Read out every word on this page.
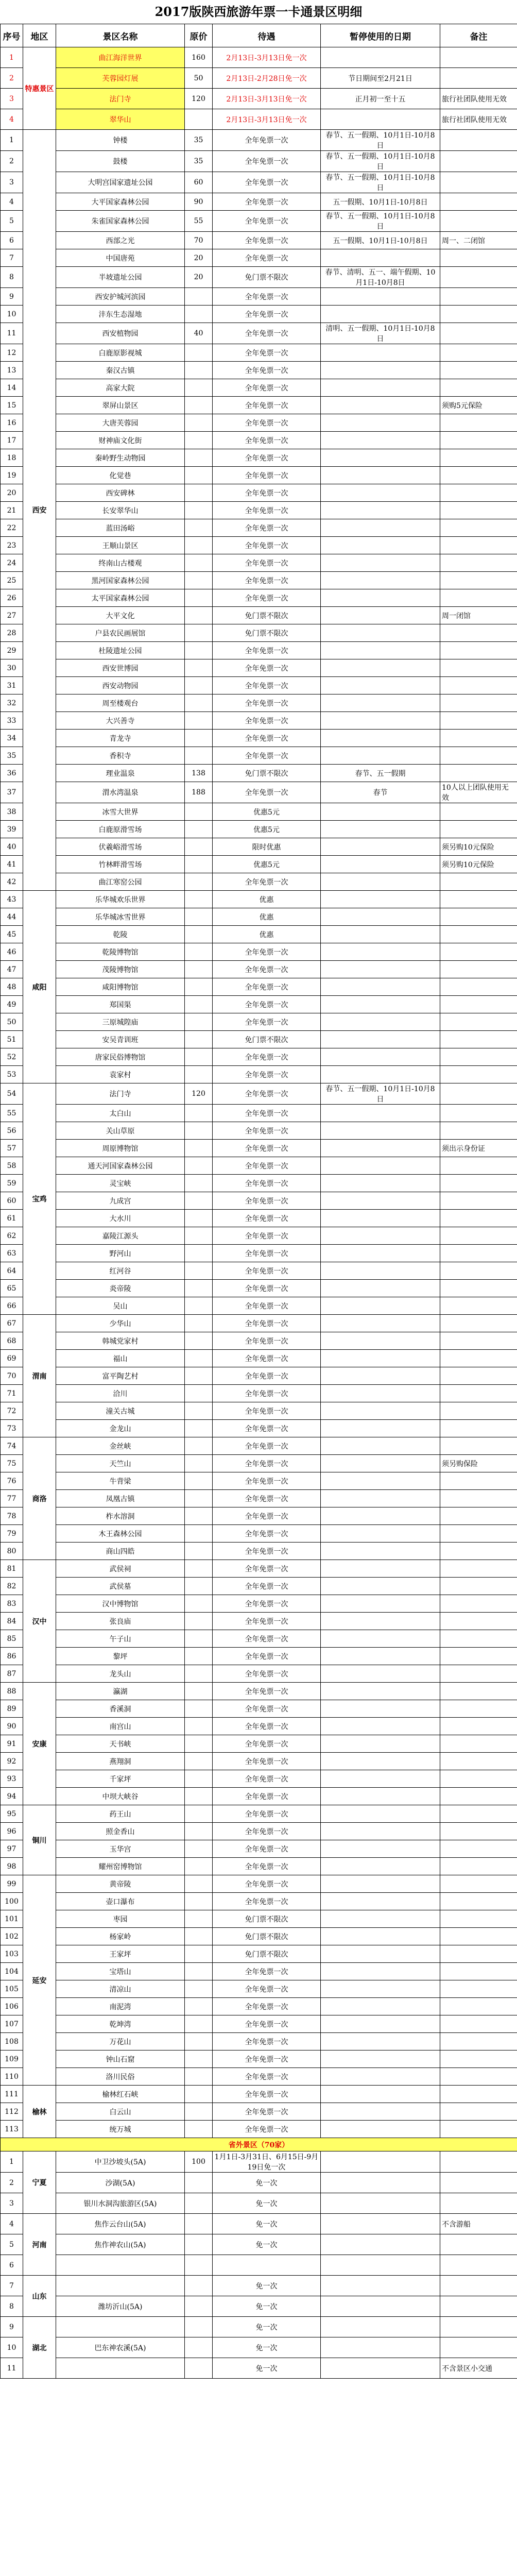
2017版陕西旅游年票一卡通景区明细
序号	地区	景区名称	原价	待遇	暂停使用的日期	备注
1	特惠景区	曲江海洋世界	160	2月13日-3月13日免一次		
2		芙蓉园灯展	50	2月13日-2月28日免一次	节日期间至2月21日	
3		法门寺	120	2月13日-3月13日免一次	正月初一至十五	旅行社团队使用无效
4		翠华山		2月13日-3月13日免一次		旅行社团队使用无效
1	西安	钟楼	35	全年免票一次	春节、五一假期、10月1日-10月8日	
2		鼓楼	35	全年免票一次	春节、五一假期、10月1日-10月8日	
3		大明宫国家遗址公园	60	全年免票一次	春节、五一假期、10月1日-10月8日	
4		大平国家森林公园	90	全年免票一次	五一假期、10月1日-10月8日	
5		朱雀国家森林公园	55	全年免票一次	春节、五一假期、10月1日-10月8日	
6		西部之光	70	全年免票一次	五一假期、10月1日-10月8日	周一、二闭馆
7		中国唐苑	20	全年免票一次		
8		半坡遗址公园	20	免门票不限次	春节、清明、五一、端午假期、10月1日-10月8日	
9		西安护城河滨园		全年免票一次		
10		沣东生态湿地		全年免票一次		
11		西安植物园	40	全年免票一次	清明、五一假期、10月1日-10月8日	
12		白鹿原影视城		全年免票一次		
13		秦汉古镇		全年免票一次		
14		高家大院		全年免票一次		
15		翠屏山景区		全年免票一次		须购5元保险
16		大唐芙蓉园		全年免票一次		
17		财神庙文化街		全年免票一次		
18		秦岭野生动物园		全年免票一次		
19		化觉巷		全年免票一次		
20		西安碑林		全年免票一次		
21		长安翠华山		全年免票一次		
22		蓝田汤峪		全年免票一次		
23		王顺山景区		全年免票一次		
24		终南山古楼观		全年免票一次		
25		黑河国家森林公园		全年免票一次		
26		太平国家森林公园		全年免票一次		
27		大平文化		免门票不限次		周一闭馆
28		户县农民画展馆		免门票不限次		
29		杜陵遗址公园		全年免票一次		
30		西安世博园		全年免票一次		
31		西安动物园		全年免票一次		
32		周至楼观台		全年免票一次		
33		大兴善寺		全年免票一次		
34		青龙寺		全年免票一次		
35		香积寺		全年免票一次		
36		理业温泉	138	免门票不限次	春节、五一假期	
37		渭水湾温泉	188	全年免票一次	春节	10人以上团队使用无效
38		冰雪大世界		优惠5元		
39		白鹿原滑雪场		优惠5元		
40		伏羲峪滑雪场		限时优惠		须另购10元保险
41		竹林畔滑雪场		优惠5元		须另购10元保险
42		曲江寒窑公园		全年免票一次		
43	咸阳	乐华城欢乐世界		优惠		
44		乐华城冰雪世界		优惠		
45		乾陵		优惠		
46		乾陵博物馆		全年免票一次		
47		茂陵博物馆		全年免票一次		
48		咸阳博物馆		全年免票一次		
49		郑国渠		全年免票一次		
50		三原城隍庙		全年免票一次		
51		安吴青训班		免门票不限次		
52		唐家民俗博物馆		全年免票一次		
53		袁家村		全年免票一次		
54	宝鸡	法门寺	120	全年免票一次	春节、五一假期、10月1日-10月8日	
55		太白山		全年免票一次		
56		关山草原		全年免票一次		
57		周原博物馆		全年免票一次		须出示身份证
58		通天河国家森林公园		全年免票一次		
59		灵宝峡		全年免票一次		
60		九成宫		全年免票一次		
61		大水川		全年免票一次		
62		嘉陵江源头		全年免票一次		
63		野河山		全年免票一次		
64		红河谷		全年免票一次		
65		炎帝陵		全年免票一次		
66		吴山		全年免票一次		
67	渭南	少华山		全年免票一次		
68		韩城党家村		全年免票一次		
69		福山		全年免票一次		
70		富平陶艺村		全年免票一次		
71		洽川		全年免票一次		
72		潼关古城		全年免票一次		
73		金龙山		全年免票一次		
74	商洛	金丝峡		全年免票一次		
75		天竺山		全年免票一次		须另购保险
76		牛背梁		全年免票一次		
77		凤凰古镇		全年免票一次		
78		柞水溶洞		全年免票一次		
79		木王森林公园		全年免票一次		
80		商山四皓		全年免票一次		
81	汉中	武侯祠		全年免票一次		
82		武侯墓		全年免票一次		
83		汉中博物馆		全年免票一次		
84		张良庙		全年免票一次		
85		午子山		全年免票一次		
86		黎坪		全年免票一次		
87		龙头山		全年免票一次		
88	安康	瀛湖		全年免票一次		
89		香溪洞		全年免票一次		
90		南宫山		全年免票一次		
91		天书峡		全年免票一次		
92		燕翔洞		全年免票一次		
93		千家坪		全年免票一次		
94		中坝大峡谷		全年免票一次		
95	铜川	药王山		全年免票一次		
96		照金香山		全年免票一次		
97		玉华宫		全年免票一次		
98		耀州窑博物馆		全年免票一次		
99	延安	黄帝陵		全年免票一次		
100		壶口瀑布		全年免票一次		
101		枣园		免门票不限次		
102		杨家岭		免门票不限次		
103		王家坪		免门票不限次		
104		宝塔山		全年免票一次		
105		清凉山		全年免票一次		
106		南泥湾		全年免票一次		
107		乾坤湾		全年免票一次		
108		万花山		全年免票一次		
109		钟山石窟		全年免票一次		
110		洛川民俗		全年免票一次		
111	榆林	榆林红石峡		全年免票一次		
112		白云山		全年免票一次		
113		统万城		全年免票一次		
省外景区（70家）						
1	宁夏	中卫沙坡头(5A)	100	1月1日-3月31日、6月15日-9月19日免一次		
2		沙湖(5A)		免一次		
3		银川水洞沟旅游区(5A)		免一次		
4	河南	焦作云台山(5A)		免一次		不含游船
5		焦作神农山(5A)		免一次		
6						
7	山东			免一次		
8		潍坊沂山(5A)		免一次		
9	湖北			免一次		
10		巴东神农溪(5A)		免一次		
11				免一次		不含景区小交通
